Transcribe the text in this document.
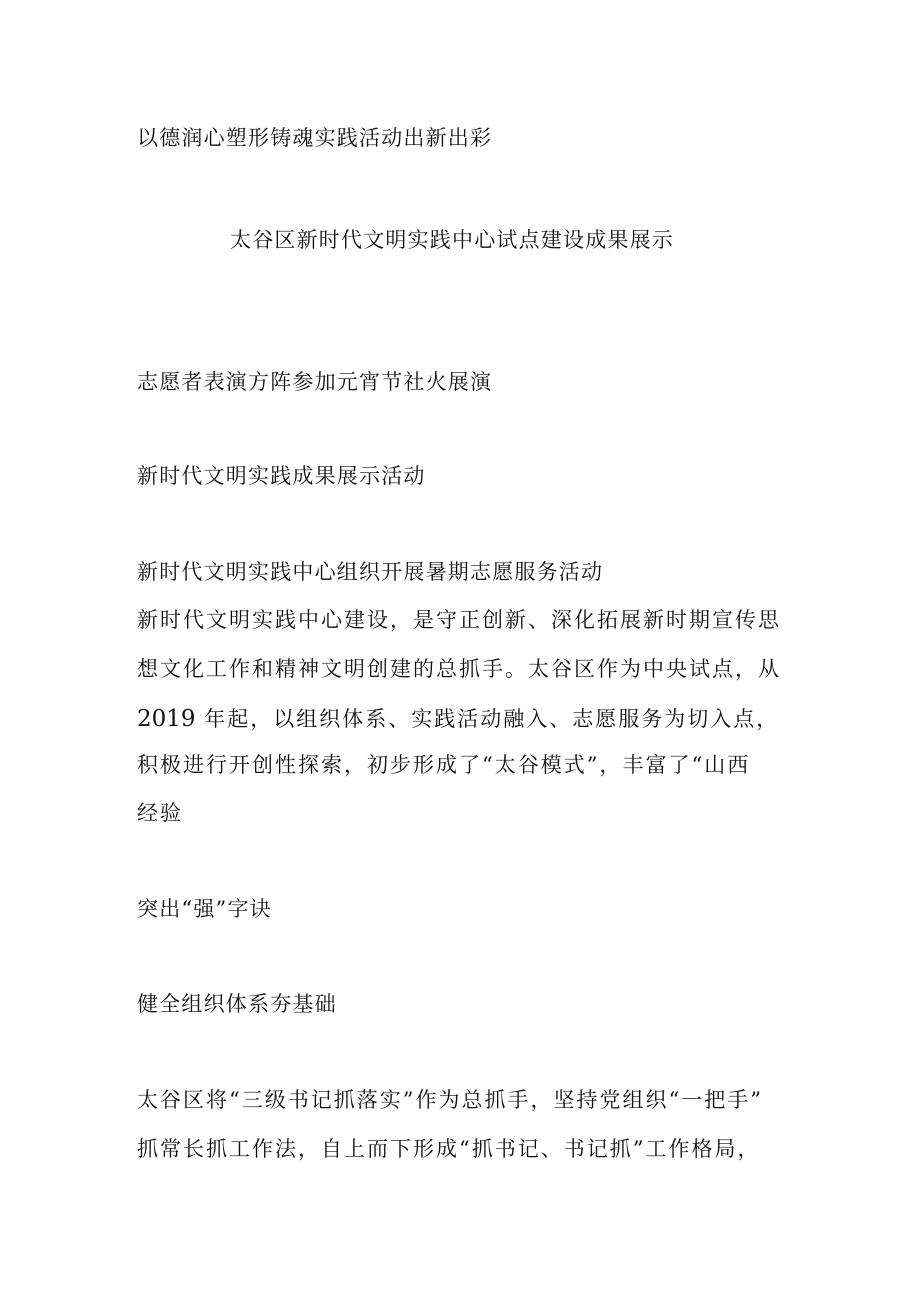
以德润心塑形铸魂实践活动出新出彩
太谷区新时代文明实践中心试点建设成果展示
志愿者表演方阵参加元宵节社火展演
新时代文明实践成果展示活动
新时代文明实践中心组织开展暑期志愿服务活动
新时代文明实践中心建设，是守正创新、深化拓展新时期宣传思
想文化工作和精神文明创建的总抓手。太谷区作为中央试点，从
2019 年起，以组织体系、实践活动融入、志愿服务为切入点，
积极进行开创性探索，初步形成了“太谷模式”，丰富了“山西
经验
突出“强”字诀
健全组织体系夯基础
太谷区将“三级书记抓落实”作为总抓手，坚持党组织“一把手”
抓常长抓工作法，自上而下形成“抓书记、书记抓”工作格局，
